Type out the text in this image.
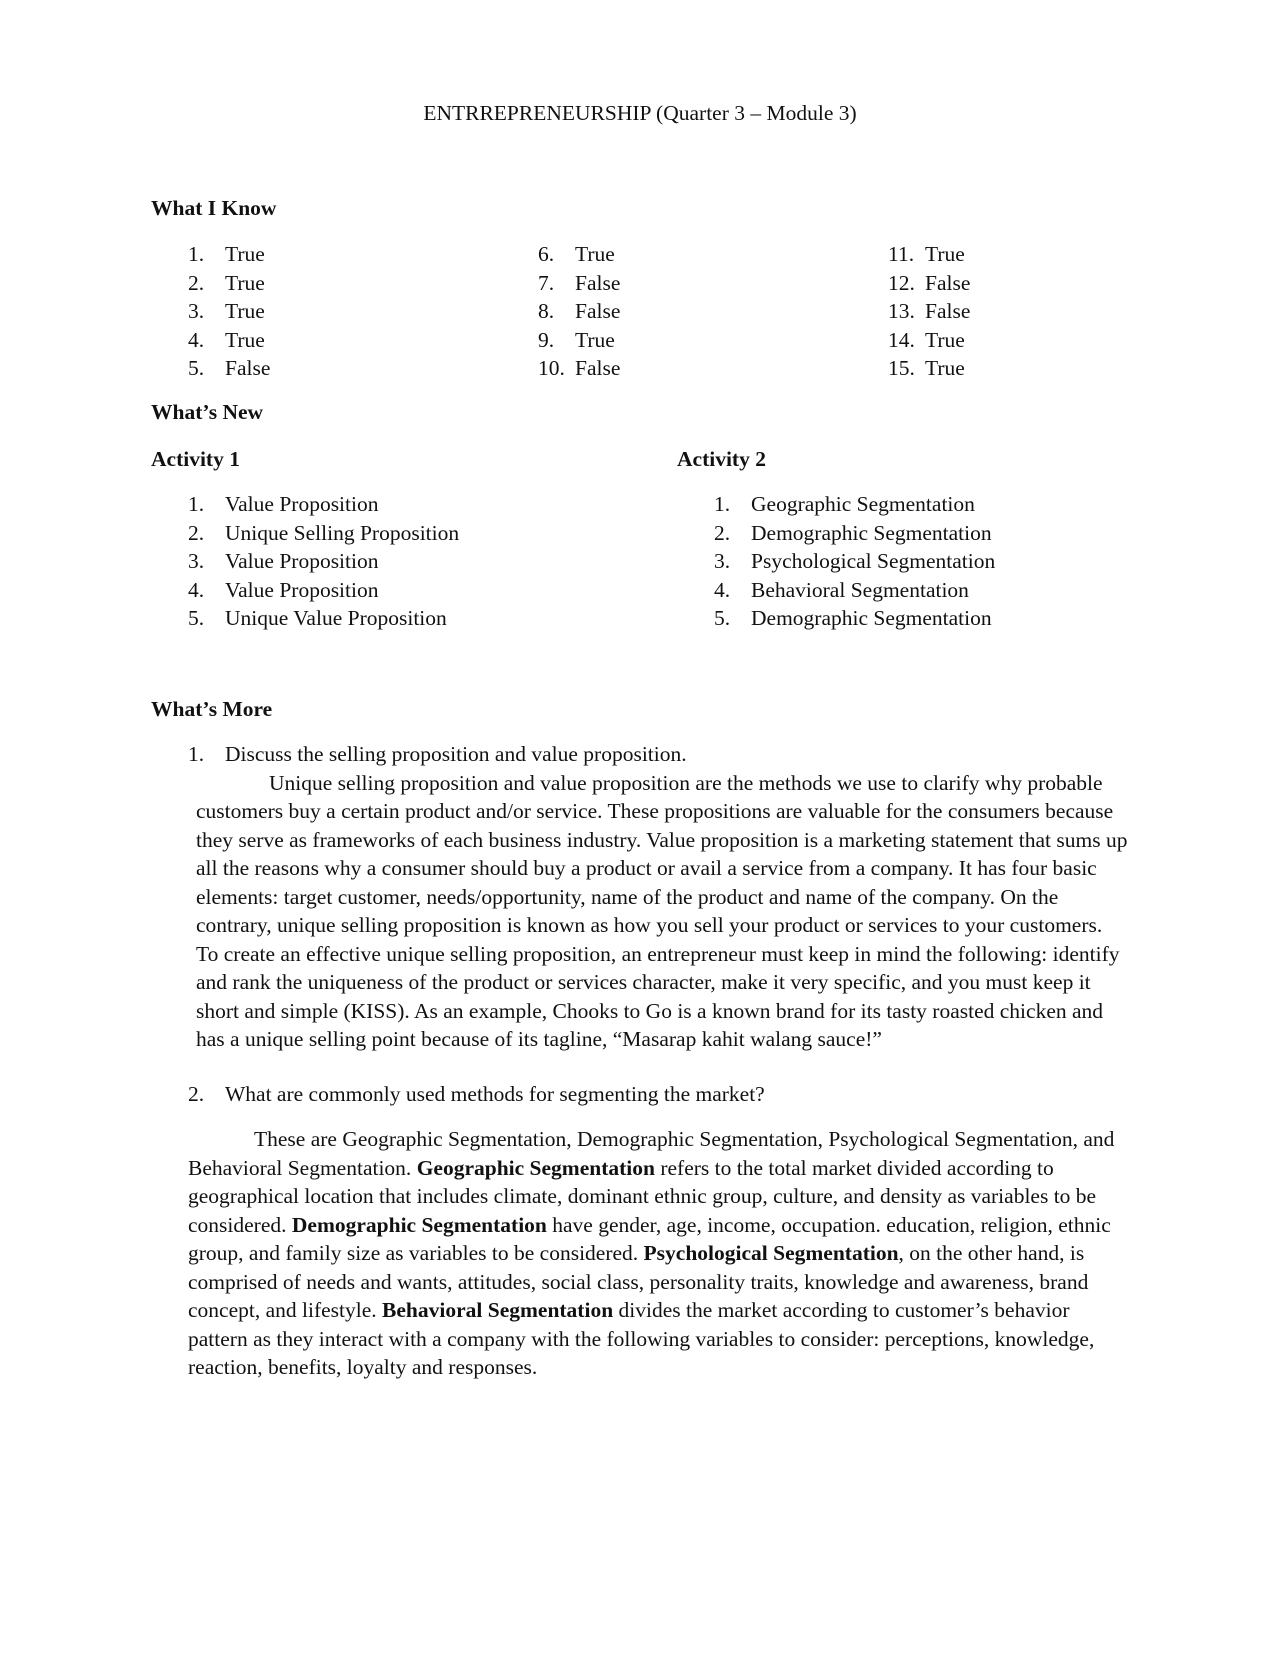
ENTRREPRENEURSHIP (Quarter 3 – Module 3)
What I Know
1. True
2. True
3. True
4. True
5. False
6. True
7. False
8. False
9. True
10. False
11. True
12. False
13. False
14. True
15. True
What’s New
Activity 1	Activity 2
1. Value Proposition
2. Unique Selling Proposition
3. Value Proposition
4. Value Proposition
5. Unique Value Proposition
1. Geographic Segmentation
2. Demographic Segmentation
3. Psychological Segmentation
4. Behavioral Segmentation
5. Demographic Segmentation
What’s More
1. Discuss the selling proposition and value proposition.
Unique selling proposition and value proposition are the methods we use to clarify why probable customers buy a certain product and/or service. These propositions are valuable for the consumers because they serve as frameworks of each business industry. Value proposition is a marketing statement that sums up all the reasons why a consumer should buy a product or avail a service from a company. It has four basic elements: target customer, needs/opportunity, name of the product and name of the company. On the contrary, unique selling proposition is known as how you sell your product or services to your customers. To create an effective unique selling proposition, an entrepreneur must keep in mind the following: identify and rank the uniqueness of the product or services character, make it very specific, and you must keep it short and simple (KISS). As an example, Chooks to Go is a known brand for its tasty roasted chicken and has a unique selling point because of its tagline, “Masarap kahit walang sauce!”
2. What are commonly used methods for segmenting the market?
These are Geographic Segmentation, Demographic Segmentation, Psychological Segmentation, and Behavioral Segmentation. Geographic Segmentation refers to the total market divided according to geographical location that includes climate, dominant ethnic group, culture, and density as variables to be considered. Demographic Segmentation have gender, age, income, occupation. education, religion, ethnic group, and family size as variables to be considered. Psychological Segmentation, on the other hand, is comprised of needs and wants, attitudes, social class, personality traits, knowledge and awareness, brand concept, and lifestyle. Behavioral Segmentation divides the market according to customer’s behavior pattern as they interact with a company with the following variables to consider: perceptions, knowledge, reaction, benefits, loyalty and responses.
